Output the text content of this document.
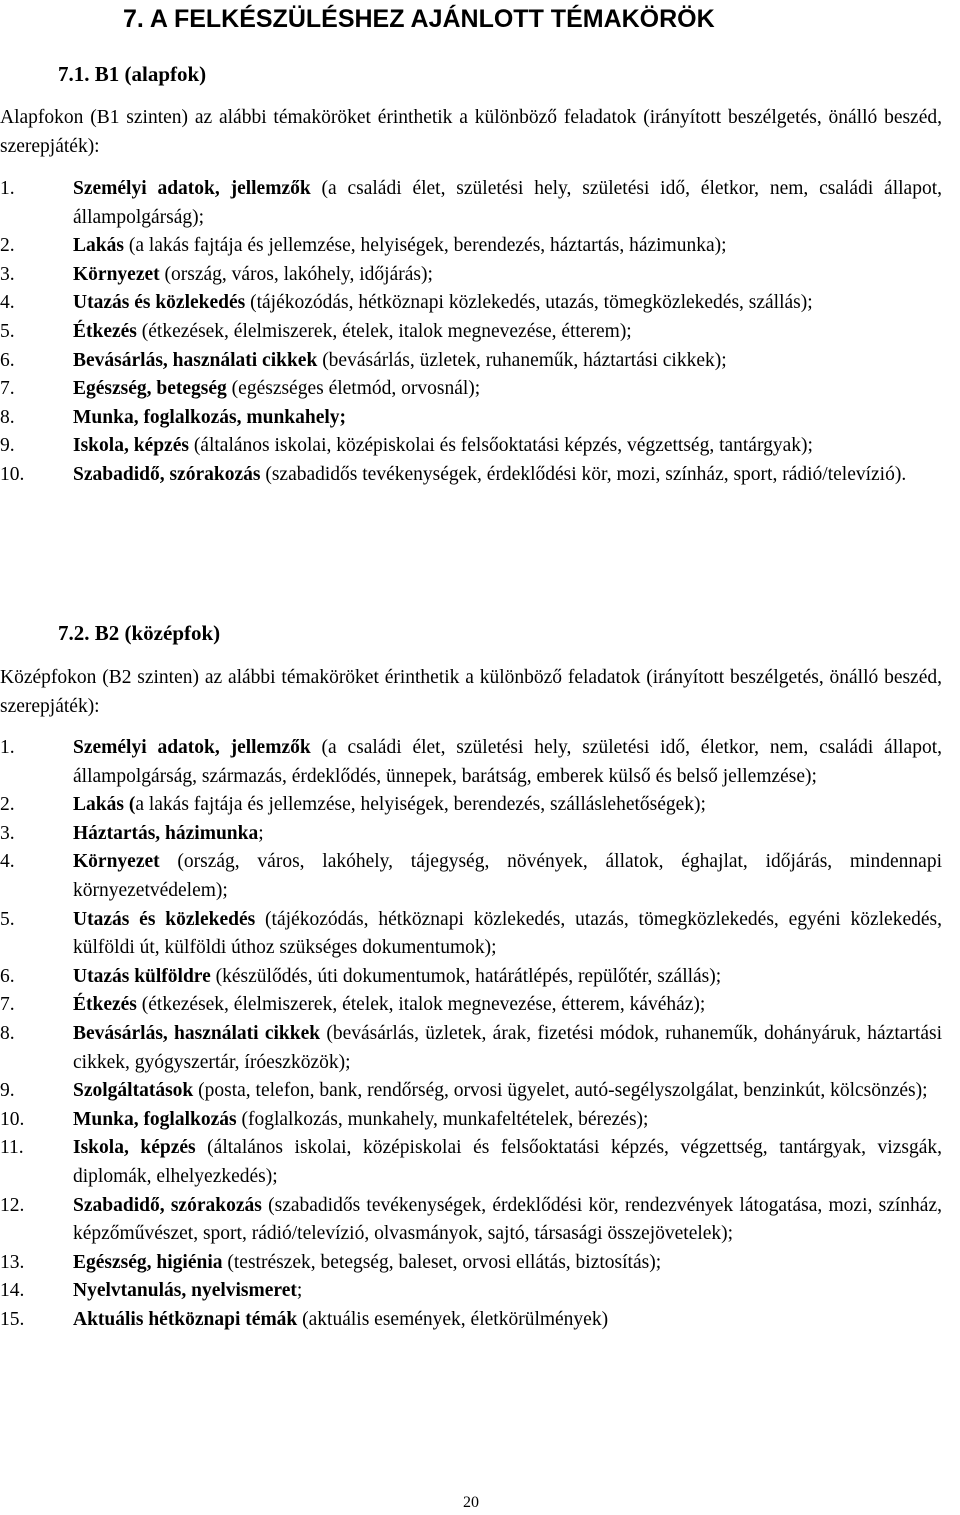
7. A FELKÉSZÜLÉSHEZ AJÁNLOTT TÉMAKÖRÖK
7.1. B1 (alapfok)
Alapfokon (B1 szinten) az alábbi témaköröket érinthetik a különböző feladatok (irányított beszélgetés, önálló beszéd, szerepjáték):
1.	Személyi adatok, jellemzők (a családi élet, születési hely, születési idő, életkor, nem, családi állapot, állampolgárság);
2.	Lakás (a lakás fajtája és jellemzése, helyiségek, berendezés, háztartás, házimunka);
3.	Környezet (ország, város, lakóhely, időjárás);
4.	Utazás és közlekedés (tájékozódás, hétköznapi közlekedés, utazás, tömegközlekedés, szállás);
5.	Étkezés (étkezések, élelmiszerek, ételek, italok megnevezése, étterem);
6.	Bevásárlás, használati cikkek (bevásárlás, üzletek, ruhaneműk, háztartási cikkek);
7.	Egészség, betegség (egészséges életmód, orvosnál);
8.	Munka, foglalkozás, munkahely;
9.	Iskola, képzés (általános iskolai, középiskolai és felsőoktatási képzés, végzettség, tantárgyak);
10. Szabadidő, szórakozás (szabadidős tevékenységek, érdeklődési kör, mozi, színház, sport, rádió/televízió).
7.2. B2 (középfok)
Középfokon (B2 szinten) az alábbi témaköröket érinthetik a különböző feladatok (irányított beszélgetés, önálló beszéd, szerepjáték):
1.	Személyi adatok, jellemzők (a családi élet, születési hely, születési idő, életkor, nem, családi állapot, állampolgárság, származás, érdeklődés, ünnepek, barátság, emberek külső és belső jellemzése);
2.	Lakás (a lakás fajtája és jellemzése, helyiségek, berendezés, szálláslehetőségek);
3.	Háztartás, házimunka;
4.	Környezet (ország, város, lakóhely, tájegység, növények, állatok, éghajlat, időjárás, mindennapi környezetvédelem);
5.	Utazás és közlekedés (tájékozódás, hétköznapi közlekedés, utazás, tömegközlekedés, egyéni közlekedés, külföldi út, külföldi úthoz szükséges dokumentumok);
6.	Utazás külföldre (készülődés, úti dokumentumok, határátlépés, repülőtér, szállás);
7.	Étkezés (étkezések, élelmiszerek, ételek, italok megnevezése, étterem, kávéház);
8.	Bevásárlás, használati cikkek (bevásárlás, üzletek, árak, fizetési módok, ruhaneműk, dohányáruk, háztartási cikkek, gyógyszertár, íróeszközök);
9.	Szolgáltatások (posta, telefon, bank, rendőrség, orvosi ügyelet, autó-segélyszolgálat, benzinkút, kölcsönzés);
10. Munka, foglalkozás (foglalkozás, munkahely, munkafeltételek, bérezés);
11.	Iskola, képzés (általános iskolai, középiskolai és felsőoktatási képzés, végzettség, tantárgyak, vizsgák, diplomák, elhelyezkedés);
12. Szabadidő, szórakozás (szabadidős tevékenységek, érdeklődési kör, rendezvények látogatása, mozi, színház, képzőművészet, sport, rádió/televízió, olvasmányok, sajtó, társasági összejövetelek);
13. Egészség, higiénia (testrészek, betegség, baleset, orvosi ellátás, biztosítás);
14. Nyelvtanulás, nyelvismeret;
15. Aktuális hétköznapi témák (aktuális események, életkörülmények)
20
